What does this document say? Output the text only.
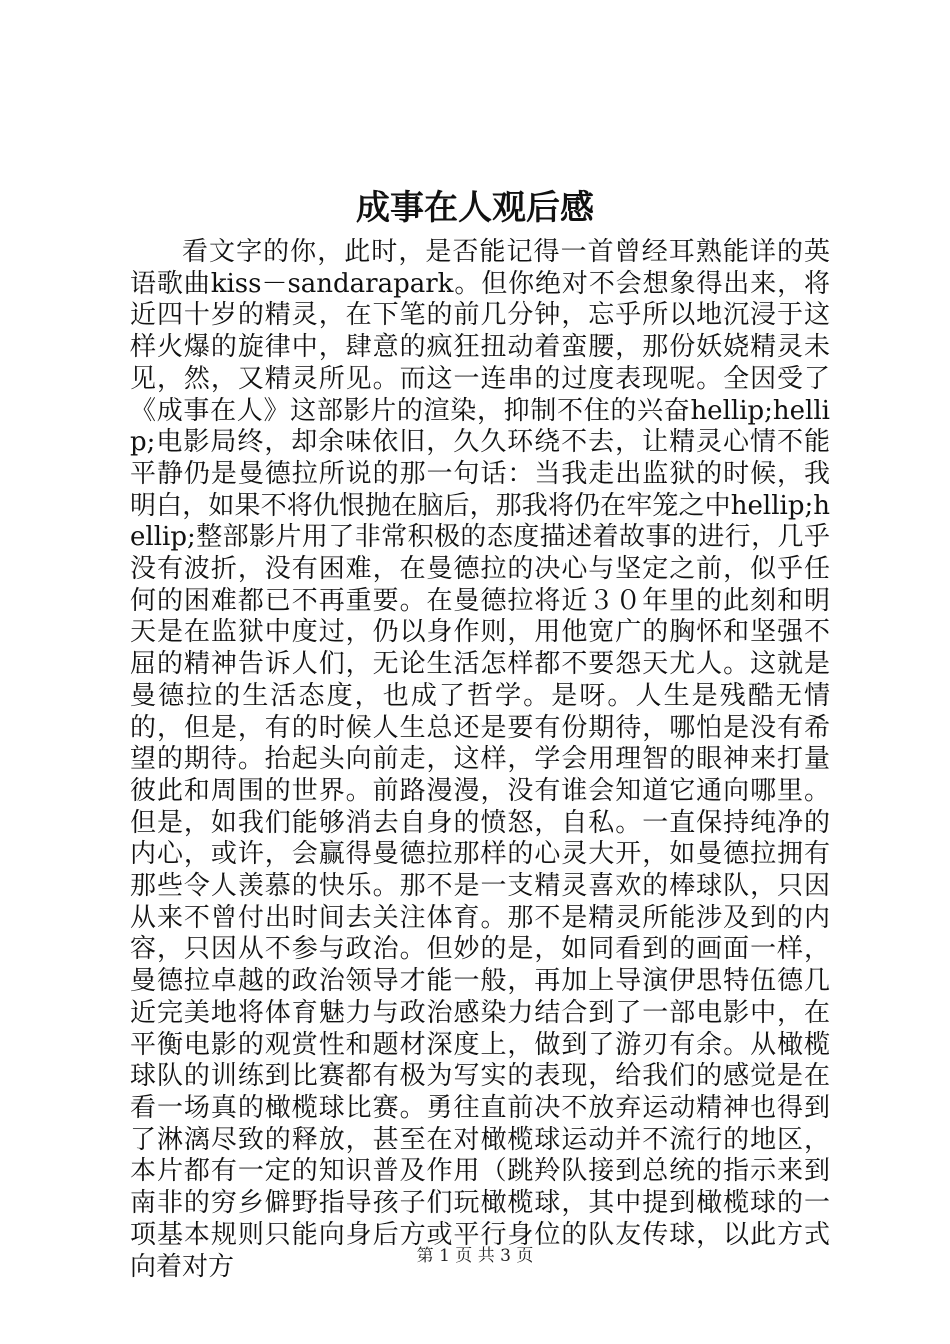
成事在人观后感

看文字的你，此时，是否能记得一首曾经耳熟能详的英语歌曲kiss－sandarapark。但你绝对不会想象得出来，将近四十岁的精灵，在下笔的前几分钟，忘乎所以地沉浸于这样火爆的旋律中，肆意的疯狂扭动着蛮腰，那份妖娆精灵未见，然，又精灵所见。而这一连串的过度表现呢。全因受了《成事在人》这部影片的渲染，抑制不住的兴奋hellip;hellip;电影局终，却余味依旧，久久环绕不去，让精灵心情不能平静仍是曼德拉所说的那一句话：当我走出监狱的时候，我明白，如果不将仇恨抛在脑后，那我将仍在牢笼之中hellip;hellip;整部影片用了非常积极的态度描述着故事的进行，几乎没有波折，没有困难，在曼德拉的决心与坚定之前，似乎任何的困难都已不再重要。在曼德拉将近３０年里的此刻和明天是在监狱中度过，仍以身作则，用他宽广的胸怀和坚强不屈的精神告诉人们，无论生活怎样都不要怨天尤人。这就是曼德拉的生活态度，也成了哲学。是呀。人生是残酷无情的，但是，有的时候人生总还是要有份期待，哪怕是没有希望的期待。抬起头向前走，这样，学会用理智的眼神来打量彼此和周围的世界。前路漫漫，没有谁会知道它通向哪里。但是，如我们能够消去自身的愤怒，自私。一直保持纯净的内心，或许，会赢得曼德拉那样的心灵大开，如曼德拉拥有那些令人羡慕的快乐。那不是一支精灵喜欢的棒球队，只因从来不曾付出时间去关注体育。那不是精灵所能涉及到的内容，只因从不参与政治。但妙的是，如同看到的画面一样，曼德拉卓越的政治领导才能一般，再加上导演伊思特伍德几近完美地将体育魅力与政治感染力结合到了一部电影中，在平衡电影的观赏性和题材深度上，做到了游刃有余。从橄榄球队的训练到比赛都有极为写实的表现，给我们的感觉是在看一场真的橄榄球比赛。勇往直前决不放弃运动精神也得到了淋漓尽致的释放，甚至在对橄榄球运动并不流行的地区，本片都有一定的知识普及作用（跳羚队接到总统的指示来到南非的穷乡僻野指导孩子们玩橄榄球，其中提到橄榄球的一项基本规则只能向身后方或平行身位的队友传球，以此方式向着对方	第 1 页 共 3 页
